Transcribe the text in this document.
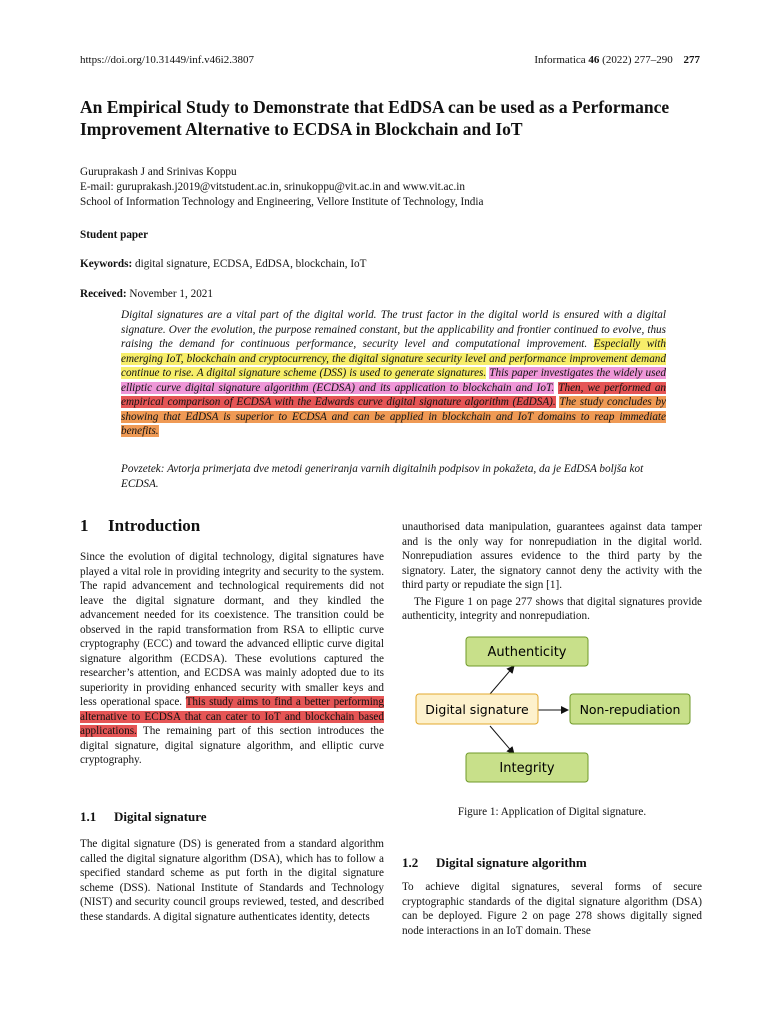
https://doi.org/10.31449/inf.v46i2.3807	Informatica 46 (2022) 277–290 277
An Empirical Study to Demonstrate that EdDSA can be used as a Performance
Improvement Alternative to ECDSA in Blockchain and IoT
Guruprakash J and Srinivas Koppu
E-mail: guruprakash.j2019@vitstudent.ac.in, srinukoppu@vit.ac.in and www.vit.ac.in
School of Information Technology and Engineering, Vellore Institute of Technology, India
Student paper
Keywords: digital signature, ECDSA, EdDSA, blockchain, IoT
Received: November 1, 2021
Digital signatures are a vital part of the digital world. The trust factor in the digital world is ensured with a digital signature. Over the evolution, the purpose remained constant, but the applicability and frontier continued to evolve, thus raising the demand for continuous performance, security level and computational improvement. Especially with emerging IoT, blockchain and cryptocurrency, the digital signature security level and performance improvement demand continue to rise. A digital signature scheme (DSS) is used to generate signatures. This paper investigates the widely used elliptic curve digital signature algorithm (ECDSA) and its application to blockchain and IoT. Then, we performed an empirical comparison of ECDSA with the Edwards curve digital signature algorithm (EdDSA). The study concludes by showing that EdDSA is superior to ECDSA and can be applied in blockchain and IoT domains to reap immediate benefits.
Povzetek: Avtorja primerjata dve metodi generiranja varnih digitalnih podpisov in pokažeta, da je EdDSA boljša kot ECDSA.
1 Introduction

Since the evolution of digital technology, digital signatures have played a vital role in providing integrity and security to the system. The rapid advancement and technological requirements did not leave the digital signature dormant, and they kindled the advancement needed for its coexistence. The transition could be observed in the rapid transformation from RSA to elliptic curve cryptography (ECC) and toward the advanced elliptic curve digital signature algorithm (ECDSA). These evolutions captured the researcher’s attention, and ECDSA was mainly adopted due to its superiority in providing enhanced security with smaller keys and less operational space. This study aims to find a better performing alternative to ECDSA that can cater to IoT and blockchain based applications. The remaining part of this section introduces the digital signature, digital signature algorithm, and elliptic curve cryptography.

1.1 Digital signature

The digital signature (DS) is generated from a standard algorithm called the digital signature algorithm (DSA), which has to follow a specified standard scheme as put forth in the digital signature scheme (DSS). National Institute of Standards and Technology (NIST) and security council groups reviewed, tested, and described these standards. A digital signature authenticates identity, detects

unauthorised data manipulation, guarantees against data tamper and is the only way for nonrepudiation in the digital world. Nonrepudiation assures evidence to the third party by the signatory. Later, the signatory cannot deny the activity with the third party or repudiate the sign [1].

The Figure 1 on page 277 shows that digital signatures provide authenticity, integrity and nonrepudiation.

Authenticity
Digital signature	Non-repudiation
Integrity
Figure 1: Application of Digital signature.
1.2 Digital signature algorithm

To achieve digital signatures, several forms of secure cryptographic standards of the digital signature algorithm (DSA) can be deployed. Figure 2 on page 278 shows digitally signed node interactions in an IoT domain. These
